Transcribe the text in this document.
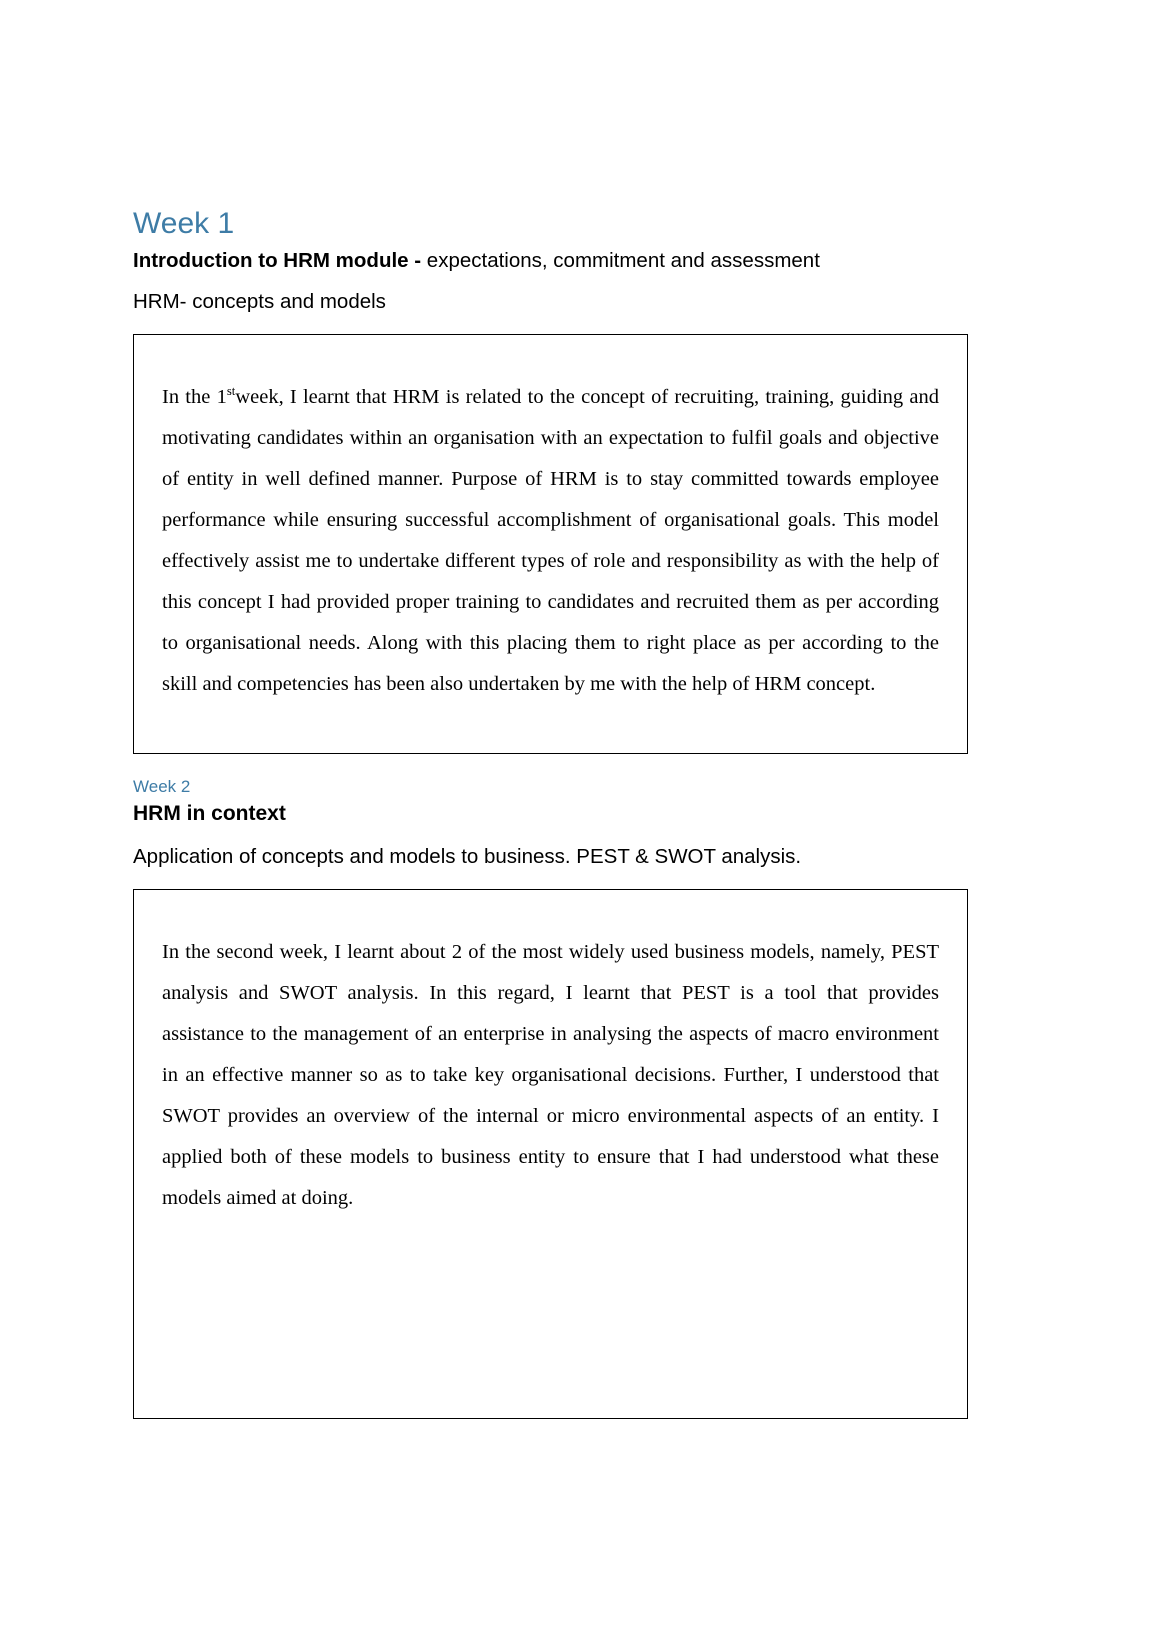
Week 1

Introduction to HRM module - expectations, commitment and assessment

HRM- concepts and models

In the 1stweek, I learnt that HRM is related to the concept of recruiting, training, guiding and motivating candidates within an organisation with an expectation to fulfil goals and objective of entity in well defined manner. Purpose of HRM is to stay committed towards employee performance while ensuring successful accomplishment of organisational goals. This model effectively assist me to undertake different types of role and responsibility as with the help of this concept I had provided proper training to candidates and recruited them as per according to organisational needs. Along with this placing them to right place as per according to the skill and competencies has been also undertaken by me with the help of HRM concept.

Week 2

HRM in context

Application of concepts and models to business. PEST & SWOT analysis.

In the second week, I learnt about 2 of the most widely used business models, namely, PEST analysis and SWOT analysis. In this regard, I learnt that PEST is a tool that provides assistance to the management of an enterprise in analysing the aspects of macro environment in an effective manner so as to take key organisational decisions. Further, I understood that SWOT provides an overview of the internal or micro environmental aspects of an entity. I applied both of these models to business entity to ensure that I had understood what these models aimed at doing.
